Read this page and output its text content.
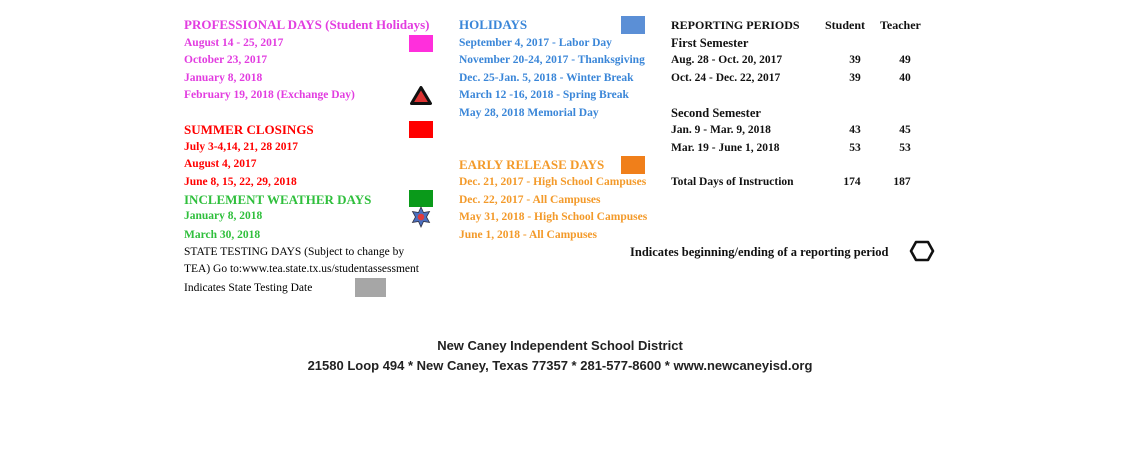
PROFESSIONAL DAYS (Student Holidays)
August 14 - 25, 2017
October 23, 2017
January 8, 2018
February 19, 2018 (Exchange Day)
SUMMER CLOSINGS
July 3-4,14, 21, 28 2017
August 4, 2017
June 8, 15, 22, 29, 2018
INCLEMENT WEATHER DAYS
January 8, 2018
March 30, 2018
STATE TESTING DAYS (Subject to change by
TEA) Go to:www.tea.state.tx.us/studentassessment
Indicates State Testing Date
HOLIDAYS
September 4, 2017 - Labor Day
November 20-24, 2017 - Thanksgiving
Dec. 25-Jan. 5, 2018 - Winter Break
March 12 -16, 2018 - Spring Break
May 28, 2018 Memorial Day
EARLY RELEASE DAYS
Dec. 21, 2017 - High School Campuses
Dec. 22, 2017 - All Campuses
May 31, 2018 - High School Campuses
June 1, 2018 - All Campuses
Indicates beginning/ending of a reporting period
REPORTING PERIODS Student Teacher
First Semester
Aug. 28 - Oct. 20, 2017	39	49
Oct. 24 - Dec. 22, 2017	39	40
Second Semester
Jan. 9 - Mar. 9, 2018	43	45
Mar. 19 - June 1, 2018	53	53
Total Days of Instruction	174	187
New Caney Independent School District
21580 Loop 494 * New Caney, Texas 77357 * 281-577-8600 * www.newcaneyisd.org
